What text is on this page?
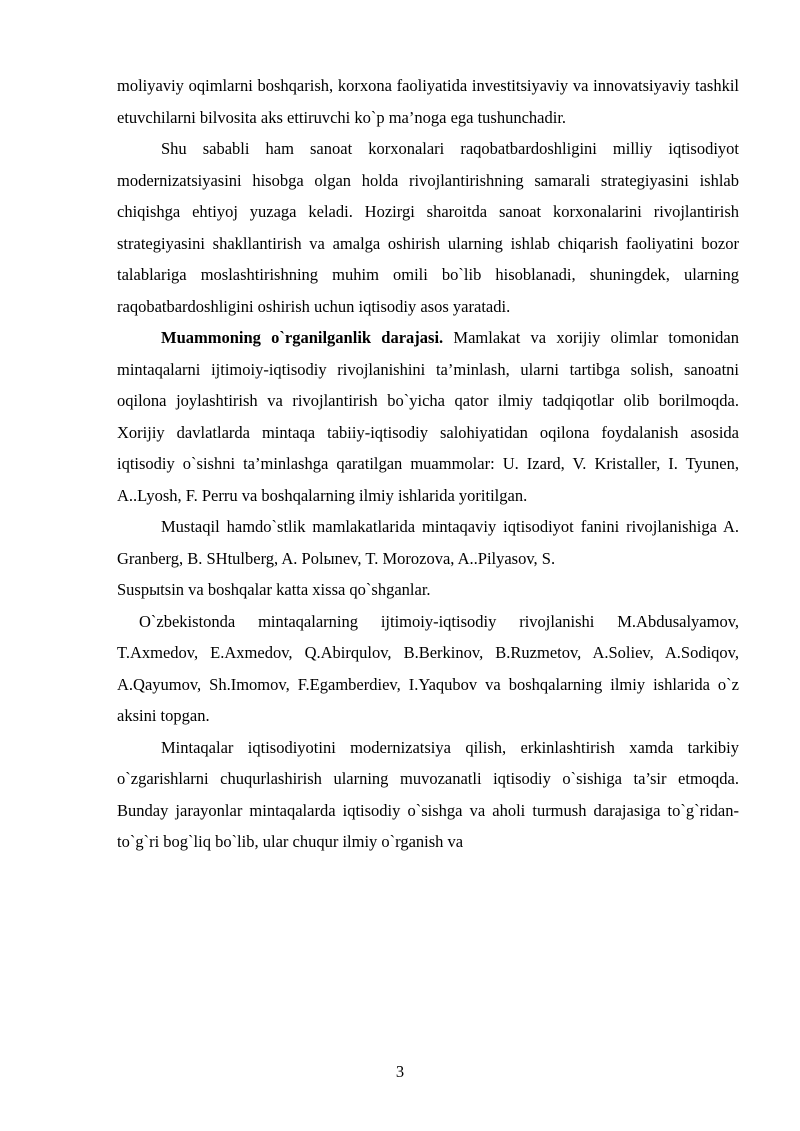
moliyaviy oqimlarni boshqarish, korxona faoliyatida investitsiyaviy va innovatsiyaviy tashkil etuvchilarni bilvosita aks ettiruvchi ko`p ma’noga ega tushunchadir.

Shu sababli ham sanoat korxonalari raqobatbardoshligini milliy iqtisodiyot modernizatsiyasini hisobga olgan holda rivojlantirishning samarali strategiyasini ishlab chiqishga ehtiyoj yuzaga keladi. Hozirgi sharoitda sanoat korxonalarini rivojlantirish strategiyasini shakllantirish va amalga oshirish ularning ishlab chiqarish faoliyatini bozor talablariga moslashtirishning muhim omili bo`lib hisoblanadi, shuningdek, ularning raqobatbardoshligini oshirish uchun iqtisodiy asos yaratadi.

Muammoning o`rganilganlik darajasi. Mamlakat va xorijiy olimlar tomonidan mintaqalarni ijtimoiy-iqtisodiy rivojlanishini ta’minlash, ularni tartibga solish, sanoatni oqilona joylashtirish va rivojlantirish bo`yicha qator ilmiy tadqiqotlar olib borilmoqda. Xorijiy davlatlarda mintaqa tabiiy-iqtisodiy salohiyatidan oqilona foydalanish asosida iqtisodiy o`sishni ta’minlashga qaratilgan muammolar: U. Izard, V. Kristaller, I. Tyunen, A..Lyosh, F. Perru va boshqalarning ilmiy ishlarida yoritilgan.

Mustaqil hamdo`stlik mamlakatlarida mintaqaviy iqtisodiyot fanini rivojlanishiga A. Granberg, B. SHtulberg, A. Polыnev, T. Morozova, A..Pilyasov, S.

Suspыtsin va boshqalar katta xissa qo`shganlar.

O`zbekistonda mintaqalarning ijtimoiy-iqtisodiy rivojlanishi M.Abdusalyamov, T.Axmedov, E.Axmedov, Q.Abirqulov, B.Berkinov, B.Ruzmetov, A.Soliev, A.Sodiqov, A.Qayumov, Sh.Imomov, F.Egamberdiev, I.Yaqubov va boshqalarning ilmiy ishlarida o`z aksini topgan.

Mintaqalar iqtisodiyotini modernizatsiya qilish, erkinlashtirish xamda tarkibiy o`zgarishlarni chuqurlashirish ularning muvozanatli iqtisodiy o`sishiga ta’sir etmoqda. Bunday jarayonlar mintaqalarda iqtisodiy o`sishga va aholi turmush darajasiga to`g`ridan-to`g`ri bog`liq bo`lib, ular chuqur ilmiy o`rganish va

3
